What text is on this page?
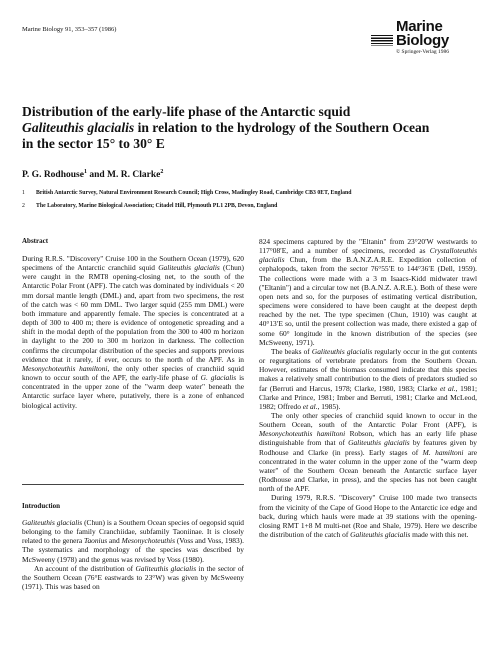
Marine Biology 91, 353–357 (1986)	Marine
Biology
© Springer-Verlag 1986
Distribution of the early-life phase of the Antarctic squid
Galiteuthis glacialis in relation to the hydrology of the Southern Ocean
in the sector 15° to 30° E
P. G. Rodhouse$^1$ and M. R. Clarke$^2$
1 British Antarctic Survey, Natural Environment Research Council; High Cross, Madingley Road, Cambridge CB3 0ET, England
2 The Laboratory, Marine Biological Association; Citadel Hill, Plymouth PL1 2PB, Devon, England
Abstract

During R.R.S. "Discovery" Cruise 100 in the Southern Ocean (1979), 620 specimens of the Antarctic cranchiid squid Galiteuthis glacialis (Chun) were caught in the RMT8 opening-closing net, to the south of the Antarctic Polar Front (APF). The catch was dominated by individuals < 20 mm dorsal mantle length (DML) and, apart from two specimens, the rest of the catch was < 60 mm DML. Two larger squid (255 mm DML) were both immature and apparently female. The species is concentrated at a depth of 300 to 400 m; there is evidence of ontogenetic spreading and a shift in the modal depth of the population from the 300 to 400 m horizon in daylight to the 200 to 300 m horizon in darkness. The collection confirms the circumpolar distribution of the species and supports previous evidence that it rarely, if ever, occurs to the north of the APF. As in Mesonychoteuthis hamiltoni, the only other species of cranchiid squid known to occur south of the APF, the early-life phase of G. glacialis is concentrated in the upper zone of the "warm deep water" beneath the Antarctic surface layer where, putatively, there is a zone of enhanced biological activity.

Introduction

Galiteuthis glacialis (Chun) is a Southern Ocean species of oegopsid squid belonging to the family Cranchiidae, subfamily Taoniinae. It is closely related to the genera Taonius and Mesonychoteuthis (Voss and Voss, 1983). The systematics and morphology of the species was described by McSweeny (1978) and the genus was revised by Voss (1980).

An account of the distribution of Galiteuthis glacialis in the sector of the Southern Ocean (76°E eastwards to 23°W) was given by McSweeny (1971). This was based on

824 specimens captured by the "Eltanin" from 23°20′W westwards to 117°08′E, and a number of specimens, recorded as Crystalloteuthis glacialis Chun, from the B.A.N.Z.A.R.E. Expedition collection of cephalopods, taken from the sector 76°55′E to 144°36′E (Dell, 1959). The collections were made with a 3 m Isaacs-Kidd midwater trawl ("Eltanin") and a circular tow net (B.A.N.Z. A.R.E.). Both of these were open nets and so, for the purposes of estimating vertical distribution, specimens were considered to have been caught at the deepest depth reached by the net. The type specimen (Chun, 1910) was caught at 40°13′E so, until the present collection was made, there existed a gap of some 60° longitude in the known distribution of the species (see McSweeny, 1971).

The beaks of Galiteuthis glacialis regularly occur in the gut contents or regurgitations of vertebrate predators from the Southern Ocean. However, estimates of the biomass consumed indicate that this species makes a relatively small contribution to the diets of predators studied so far (Berruti and Harcus, 1978; Clarke, 1980, 1983; Clarke et al., 1981; Clarke and Prince, 1981; Imber and Berruti, 1981; Clarke and McLeod, 1982; Offredo et al., 1985).

The only other species of cranchiid squid known to occur in the Southern Ocean, south of the Antarctic Polar Front (APF), is Mesonychoteuthis hamiltoni Robson, which has an early life phase distinguishable from that of Galiteuthis glacialis by features given by Rodhouse and Clarke (in press). Early stages of M. hamiltoni are concentrated in the water column in the upper zone of the "warm deep water" of the Southern Ocean beneath the Antarctic surface layer (Rodhouse and Clarke, in press), and the species has not been caught north of the APF.

During 1979, R.R.S. "Discovery" Cruise 100 made two transects from the vicinity of the Cape of Good Hope to the Antarctic ice edge and back, during which hauls were made at 39 stations with the opening-closing RMT 1+8 M multi-net (Roe and Shale, 1979). Here we describe the distribution of the catch of Galiteuthis glacialis made with this net.
